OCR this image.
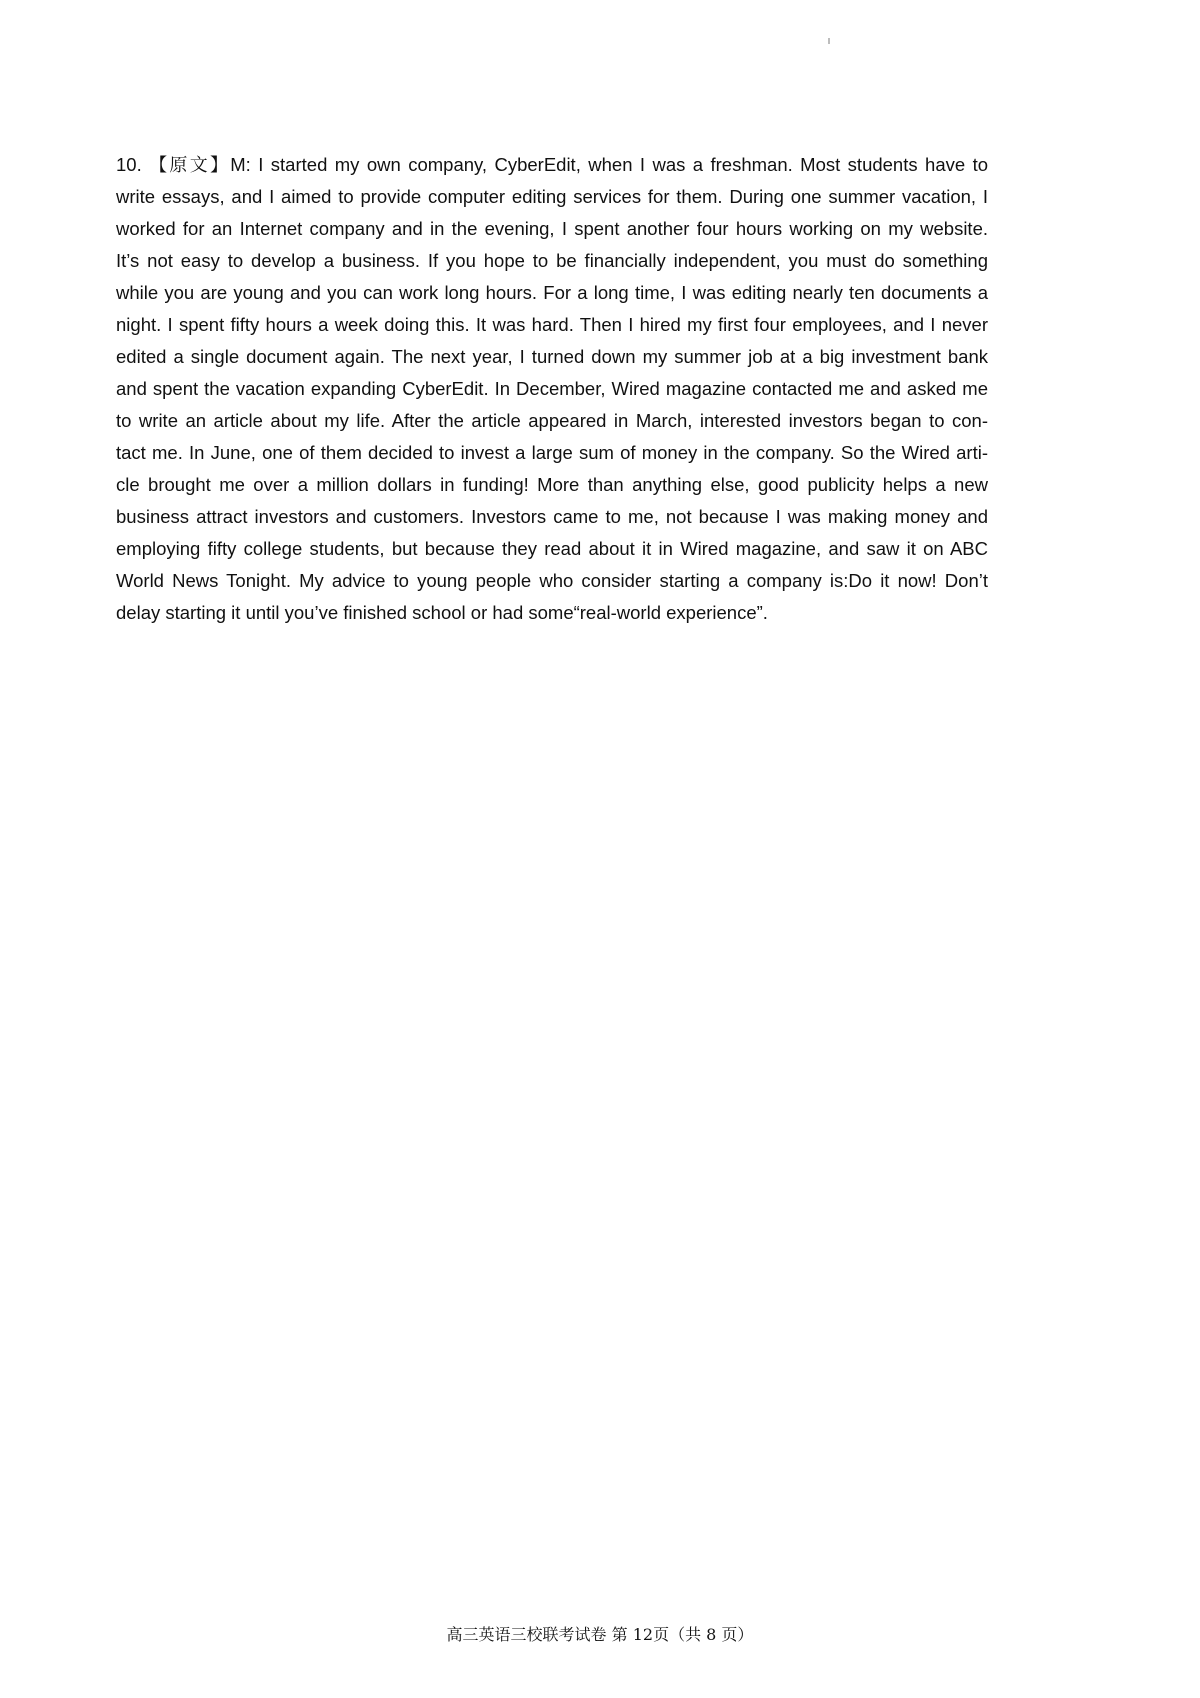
10. 【原文】M: I started my own company, CyberEdit, when I was a freshman. Most students have to
write essays, and I aimed to provide computer editing services for them. During one summer vacation, I
worked for an Internet company and in the evening, I spent another four hours working on my website.
It’s not easy to develop a business. If you hope to be financially independent, you must do something
while you are young and you can work long hours. For a long time, I was editing nearly ten documents a
night. I spent fifty hours a week doing this. It was hard. Then I hired my first four employees, and I never
edited a single document again. The next year, I turned down my summer job at a big investment bank
and spent the vacation expanding CyberEdit. In December, Wired magazine contacted me and asked me
to write an article about my life. After the article appeared in March, interested investors began to con-
tact me. In June, one of them decided to invest a large sum of money in the company. So the Wired arti-
cle brought me over a million dollars in funding! More than anything else, good publicity helps a new
business attract investors and customers. Investors came to me, not because I was making money and
employing fifty college students, but because they read about it in Wired magazine, and saw it on ABC
World News Tonight. My advice to young people who consider starting a company is:Do it now! Don’t
delay starting it until you’ve finished school or had some“real-world experience”.
高三英语三校联考试卷 第 12页（共 8 页）
